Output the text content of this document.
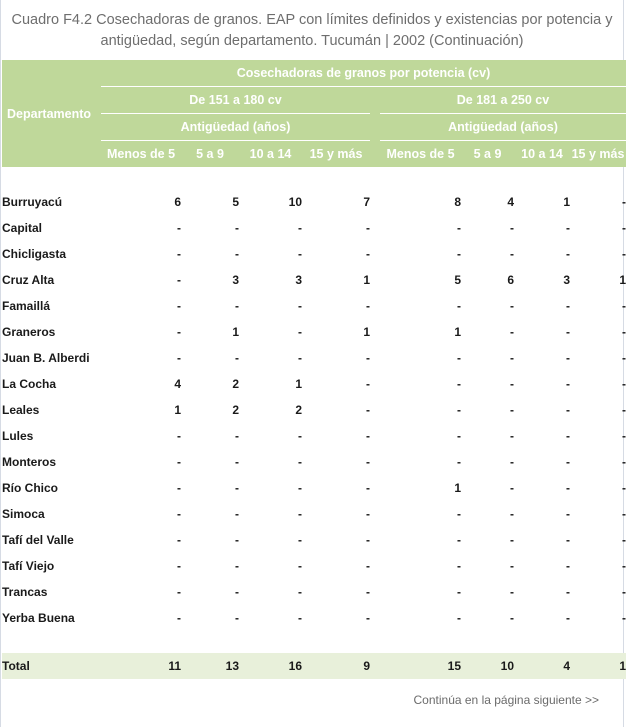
Cuadro F4.2 Cosechadoras de granos. EAP con límites definidos y existencias por potencia y
antigüedad, según departamento. Tucumán | 2002 (Continuación)
Departamento	Cosechadoras de granos por potencia (cv)								
	De 151 a 180 cv					De 181 a 250 cv			
	Antigüedad (años)					Antigüedad (años)			
	Menos de 5	5 a 9	10 a 14	15 y más		Menos de 5	5 a 9	10 a 14	15 y más

Burruyacú	6	5	10	7		8	4	1	-
Capital	-	-	-	-		-	-	-	-
Chicligasta	-	-	-	-		-	-	-	-
Cruz Alta	-	3	3	1		5	6	3	1
Famaillá	-	-	-	-		-	-	-	-
Graneros	-	1	-	1		1	-	-	-
Juan B. Alberdi	-	-	-	-		-	-	-	-
La Cocha	4	2	1	-		-	-	-	-
Leales	1	2	2	-		-	-	-	-
Lules	-	-	-	-		-	-	-	-
Monteros	-	-	-	-		-	-	-	-
Río Chico	-	-	-	-		1	-	-	-
Simoca	-	-	-	-		-	-	-	-
Tafí del Valle	-	-	-	-		-	-	-	-
Tafí Viejo	-	-	-	-		-	-	-	-
Trancas	-	-	-	-		-	-	-	-
Yerba Buena	-	-	-	-		-	-	-	-

Total	11	13	16	9		15	10	4	1
Continúa en la página siguiente >>
